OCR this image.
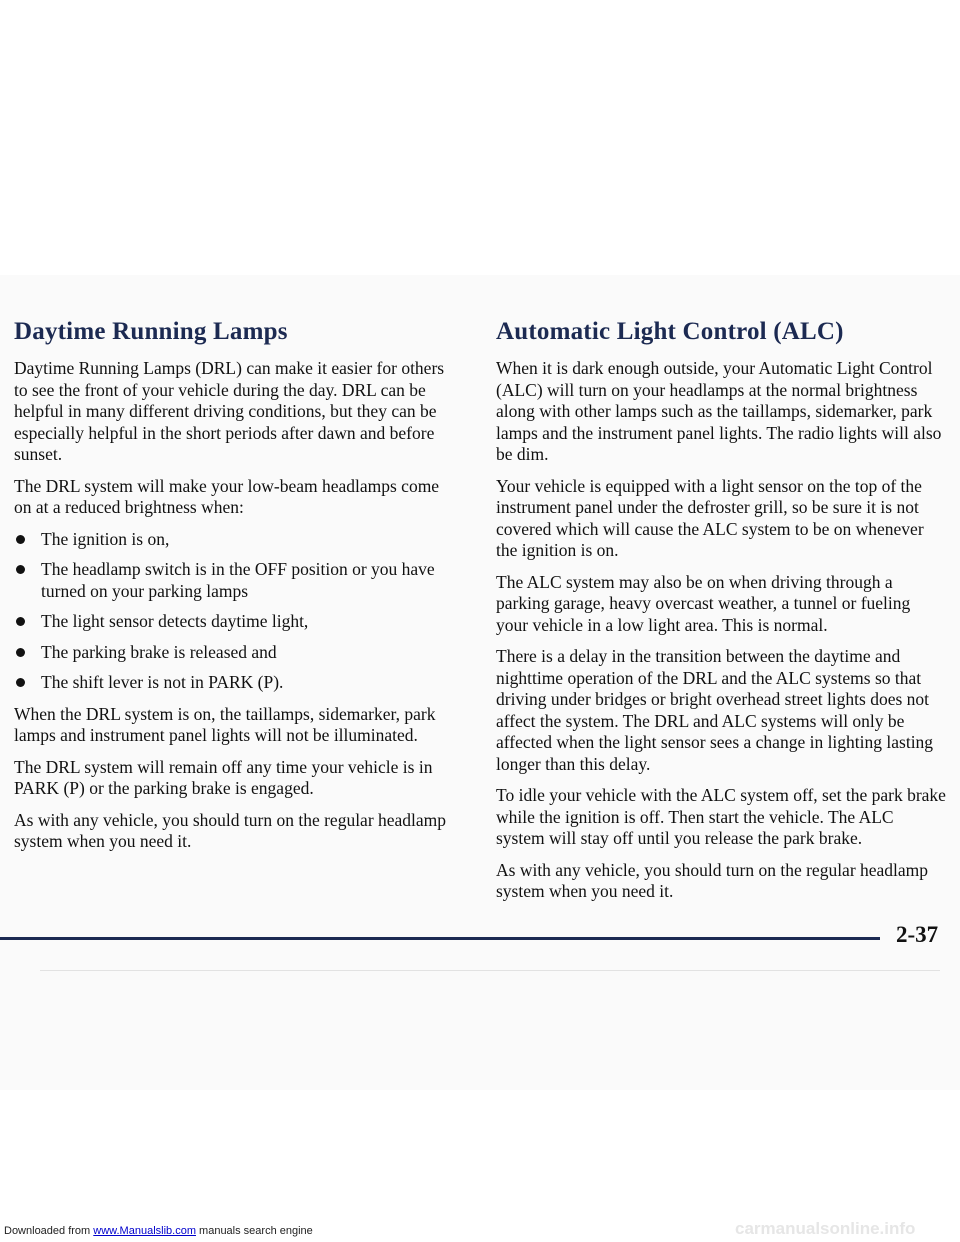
Daytime Running Lamps

Daytime Running Lamps (DRL) can make it easier for others to see the front of your vehicle during the day. DRL can be helpful in many different driving conditions, but they can be especially helpful in the short periods after dawn and before sunset.

The DRL system will make your low-beam headlamps come on at a reduced brightness when:

The ignition is on,
The headlamp switch is in the OFF position or you have turned on your parking lamps
The light sensor detects daytime light,
The parking brake is released and
The shift lever is not in PARK (P).

When the DRL system is on, the taillamps, sidemarker, park lamps and instrument panel lights will not be illuminated.

The DRL system will remain off any time your vehicle is in PARK (P) or the parking brake is engaged.

As with any vehicle, you should turn on the regular headlamp system when you need it.

Automatic Light Control (ALC)

When it is dark enough outside, your Automatic Light Control (ALC) will turn on your headlamps at the normal brightness along with other lamps such as the taillamps, sidemarker, park lamps and the instrument panel lights. The radio lights will also be dim.

Your vehicle is equipped with a light sensor on the top of the instrument panel under the defroster grill, so be sure it is not covered which will cause the ALC system to be on whenever the ignition is on.

The ALC system may also be on when driving through a parking garage, heavy overcast weather, a tunnel or fueling your vehicle in a low light area. This is normal.

There is a delay in the transition between the daytime and nighttime operation of the DRL and the ALC systems so that driving under bridges or bright overhead street lights does not affect the system. The DRL and ALC systems will only be affected when the light sensor sees a change in lighting lasting longer than this delay.

To idle your vehicle with the ALC system off, set the park brake while the ignition is off. Then start the vehicle. The ALC system will stay off until you release the park brake.

As with any vehicle, you should turn on the regular headlamp system when you need it.

2-37
Downloaded from www.Manualslib.com manuals search engine	carmanualsonline.info
